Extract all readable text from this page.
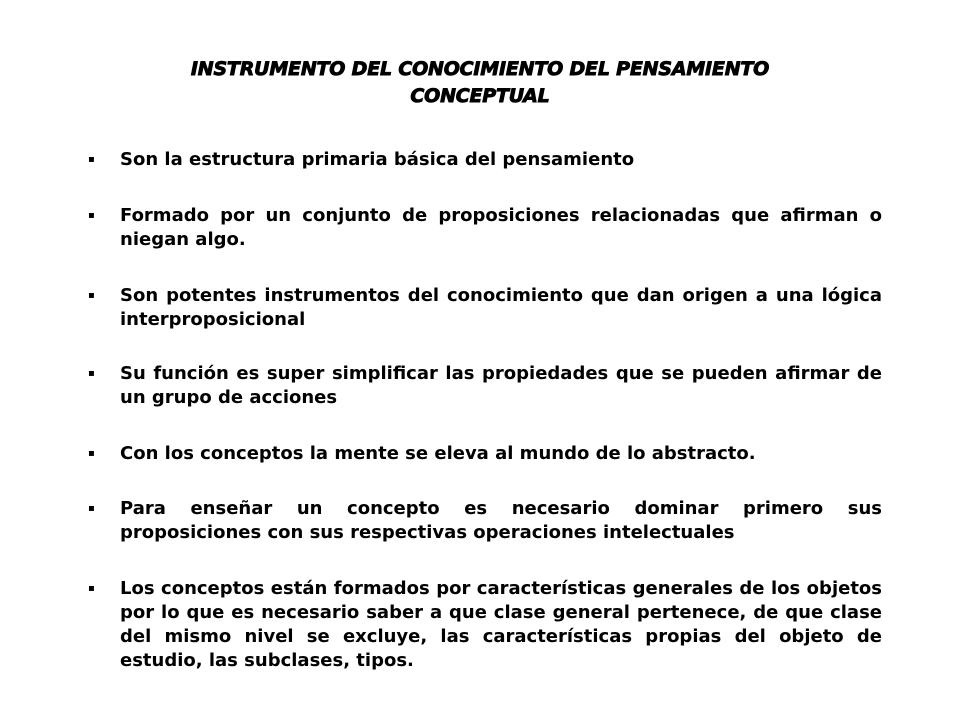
INSTRUMENTO DEL CONOCIMIENTO DEL PENSAMIENTO
CONCEPTUAL
▪ Son la estructura primaria básica del pensamiento
▪ Formado por un conjunto de proposiciones relacionadas que afirman o niegan algo.
▪ Son potentes instrumentos del conocimiento que dan origen a una lógica interproposicional
▪ Su función es super simplificar las propiedades que se pueden afirmar de un grupo de acciones
▪ Con los conceptos la mente se eleva al mundo de lo abstracto.
▪ Para enseñar un concepto es necesario dominar primero sus proposiciones con sus respectivas operaciones intelectuales
▪ Los conceptos están formados por características generales de los objetos por lo que es necesario saber a que clase general pertenece, de que clase del mismo nivel se excluye, las características propias del objeto de estudio, las subclases, tipos.
